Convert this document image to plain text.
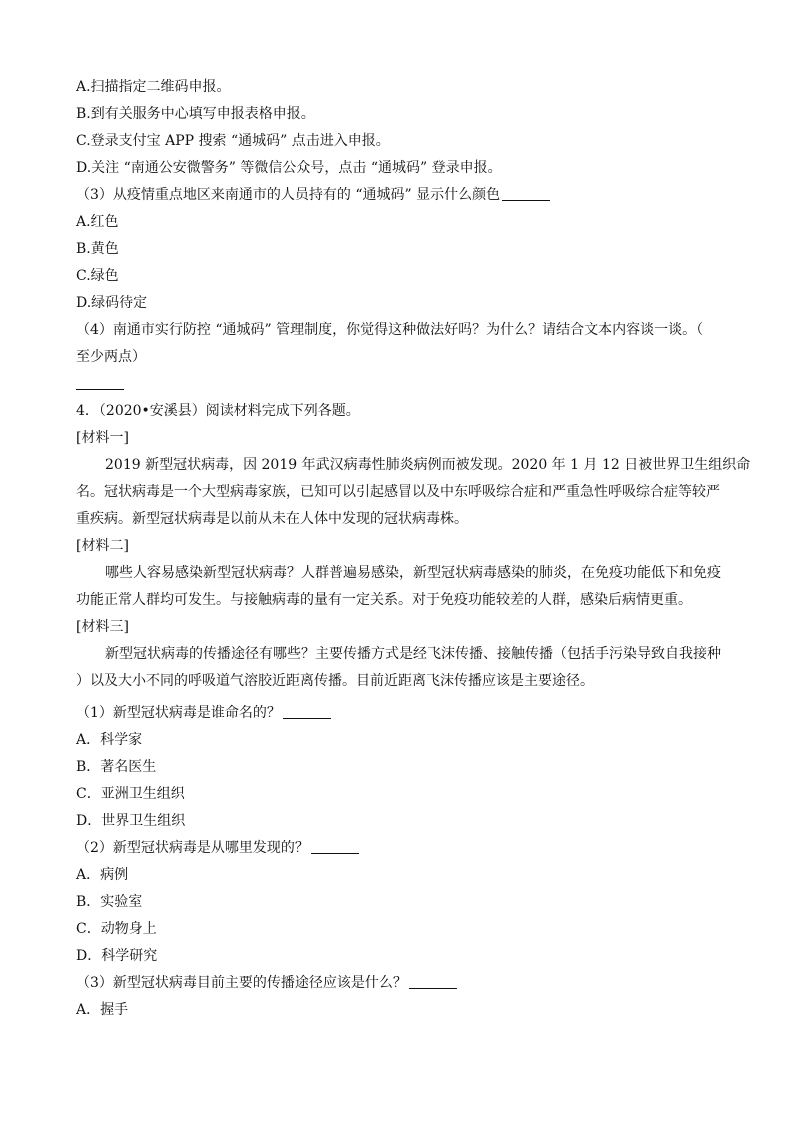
A.扫描指定二维码申报。
B.到有关服务中心填写申报表格申报。
C.登录支付宝 APP 搜索 “通城码” 点击进入申报。
D.关注 “南通公安微警务” 等微信公众号，点击 “通城码” 登录申报。
（3）从疫情重点地区来南通市的人员持有的 “通城码” 显示什么颜色
A.红色
B.黄色
C.绿色
D.绿码待定
（4）南通市实行防控 “通城码” 管理制度，你觉得这种做法好吗？为什么？请结合文本内容谈一谈。（
至少两点）
4．（2020•安溪县）阅读材料完成下列各题。
[材料一]
2019 新型冠状病毒，因 2019 年武汉病毒性肺炎病例而被发现。2020 年 1 月 12 日被世界卫生组织命
名。冠状病毒是一个大型病毒家族，已知可以引起感冒以及中东呼吸综合症和严重急性呼吸综合症等较严
重疾病。新型冠状病毒是以前从未在人体中发现的冠状病毒株。
[材料二]
哪些人容易感染新型冠状病毒？人群普遍易感染，新型冠状病毒感染的肺炎，在免疫功能低下和免疫
功能正常人群均可发生。与接触病毒的量有一定关系。对于免疫功能较差的人群，感染后病情更重。
[材料三]
新型冠状病毒的传播途径有哪些？主要传播方式是经飞沫传播、接触传播（包括手污染导致自我接种
）以及大小不同的呼吸道气溶胶近距离传播。目前近距离飞沫传播应该是主要途径。
（1）新型冠状病毒是谁命名的？
A．科学家
B．著名医生
C．亚洲卫生组织
D．世界卫生组织
（2）新型冠状病毒是从哪里发现的？
A．病例
B．实验室
C．动物身上
D．科学研究
（3）新型冠状病毒目前主要的传播途径应该是什么？
A．握手
